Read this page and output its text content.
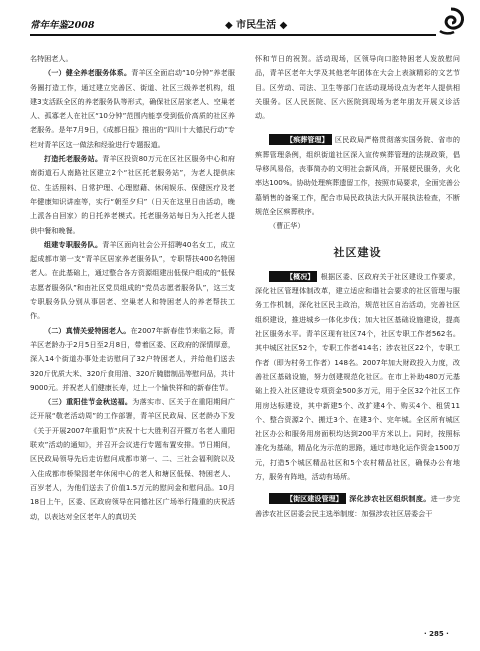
常年年鉴2008	◆ 市民生活 ◆

名特困老人。

（一）健全养老服务体系。青羊区全面启动“10分钟”养老服务圈打造工作，通过建立完善区、街道、社区三级养老机构，组建3支活跃全区的养老服务队等形式，确保社区居家老人、空巢老人、孤寡老人在社区“10分钟”范围内能享受到低价高质的社区养老服务。是年7月9日，《成都日报》推出的“四川十大德民行动”专栏对青羊区这一做法和经验进行专题报道。

打造托老服务站。青羊区投资80万元在区社区服务中心和府南街道石人南路社区建立2个“社区托老服务站”，为老人提供床位、生活照料、日常护理、心理慰藉、休闲娱乐、保健医疗及老年健康知识讲座等，实行“朝至夕归”（日天在这里日由活动，晚上派各自回家）的日托养老模式。托老服务站每日为入托老人提供中餐和晚餐。

组建专职服务队。青羊区面向社会公开招聘40名女工，成立起成都市第一支“青羊区居家养老服务队”，专职帮扶400名特困老人。在此基础上，通过整合各方资源组建出低保户组成的“低保志愿者服务队”和由社区党员组成的“党员志愿者服务队”，这三支专职服务队分别从事居老、空巢老人和特困老人的养老帮扶工作。

（二）真情关爱特困老人。在2007年新春佳节来临之际，青羊区老龄办于2月5日至2月8日，带着区委、区政府的深情厚意，深入14个街道办事处走访慰问了32户特困老人，并给他们送去320斤优质大米、320斤食用油、320斤腌腊制品等慰问品，共计9000元。并祝老人们健康长寿，过上一个愉快祥和的新春佳节。

（三）重阳佳节金秋送福。为落实市、区关于在重阳期间广泛开展“敬老活动周”的工作部署，青羊区民政局、区老龄办下发《关于开展2007年重阳节“庆祝十七大胜利召开暨万名老人重阳联欢”活动的通知》，并召开会议进行专题布置安排。节日期间，区民政局领导先后走访慰问成都市第一、二、三社会福利院以及入住成都市桥梁园老年休闲中心的老人和塘区低保、特困老人、百岁老人，为他们送去了价值1.5万元的慰问金和慰问品。10月18日上午，区委、区政府领导在同德社区广场举行隆重的庆祝活动，以表达对全区老年人的真切关

怀和节日的祝贺。活动现场，区领导向口腔特困老人发放慰问品，青羊区老年大学及其他老年团体在大会上表演精彩的文艺节目。区劳动、司法、卫生等部门在活动现场设点为老年人提供相关服务。区人民医院、区六医院到现场为老年朋友开展义诊活动。

【殡葬管理】 区民政局严格贯彻落实国务院、省市的殡葬管理条例，组织街道社区深入宣传殡葬管理的法规政策，倡导移风易俗，丧事简办的文明社会新风尚，开展便民服务，火化率达100%。协助处理殡葬遗留工作，按照市局要求，全面完善公墓销售的备案工作，配合市局民政执法大队开展执法检查，不断规范全区殡葬秩序。

（曹正华）

社区建设

【概况】 根据区委、区政府关于社区建设工作要求，深化社区管理体制改革，建立适应和谐社会要求的社区管理与服务工作机制，深化社区民主政治，规范社区自治活动，完善社区组织建设，推进城乡一体化步伐；加大社区基础设施建设，提高社区服务水平。青羊区现有社区74个，社区专职工作者562名。其中城区社区52个，专职工作者414名；涉农社区22个，专职工作者（即为村务工作者）148名。2007年加大财政投入力度，改善社区基础设施，努力创建规范化社区。在市上补助480万元基础上投入社区建设专项资金500多万元，用于全区32个社区工作用房达标建设，其中新建5个、改扩建4个、购买4个、租赁11个、整合资源2个、搬迁3个、在建3个、完年城。全区所有城区社区办公和服务用房面积均达到200平方米以上。同时，按照标准化为基础，精品化为示范的思路，通过市地化运作资金1500万元，打造5个城区精品社区和5个农村精品社区，确保办公有地方，服务有阵地，活动有场所。

【街区建设管理】 深化涉农社区组织制度。进一步完善涉农社区居委会民主选举制度：加强涉农社区居委会干

· 285 ·
